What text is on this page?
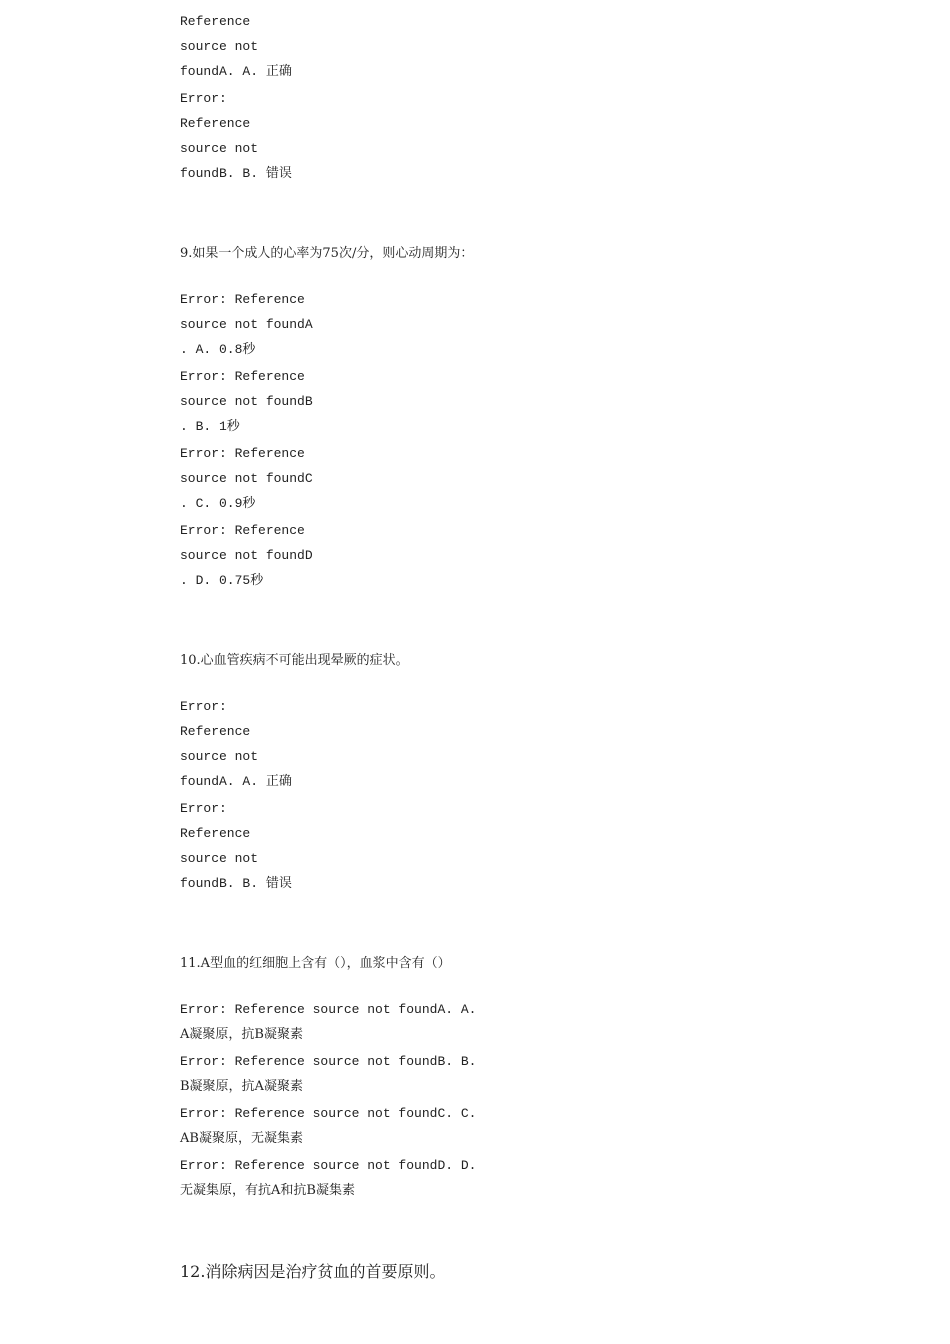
Reference
source not
foundA. A. 正确
Error:
Reference
source not
foundB. B. 错误
9.如果一个成人的心率为75次/分，则心动周期为：
Error: Reference
source not foundA
. A. 0.8秒
Error: Reference
source not foundB
. B. 1秒
Error: Reference
source not foundC
. C. 0.9秒
Error: Reference
source not foundD
. D. 0.75秒
10.心血管疾病不可能出现晕厥的症状。
Error:
Reference
source not
foundA. A. 正确
Error:
Reference
source not
foundB. B. 错误
11.A型血的红细胞上含有（），血浆中含有（）
Error: Reference source not foundA. A.
A凝聚原，抗B凝聚素
Error: Reference source not foundB. B.
B凝聚原，抗A凝聚素
Error: Reference source not foundC. C.
AB凝聚原，无凝集素
Error: Reference source not foundD. D.
无凝集原，有抗A和抗B凝集素
12.消除病因是治疗贫血的首要原则。
